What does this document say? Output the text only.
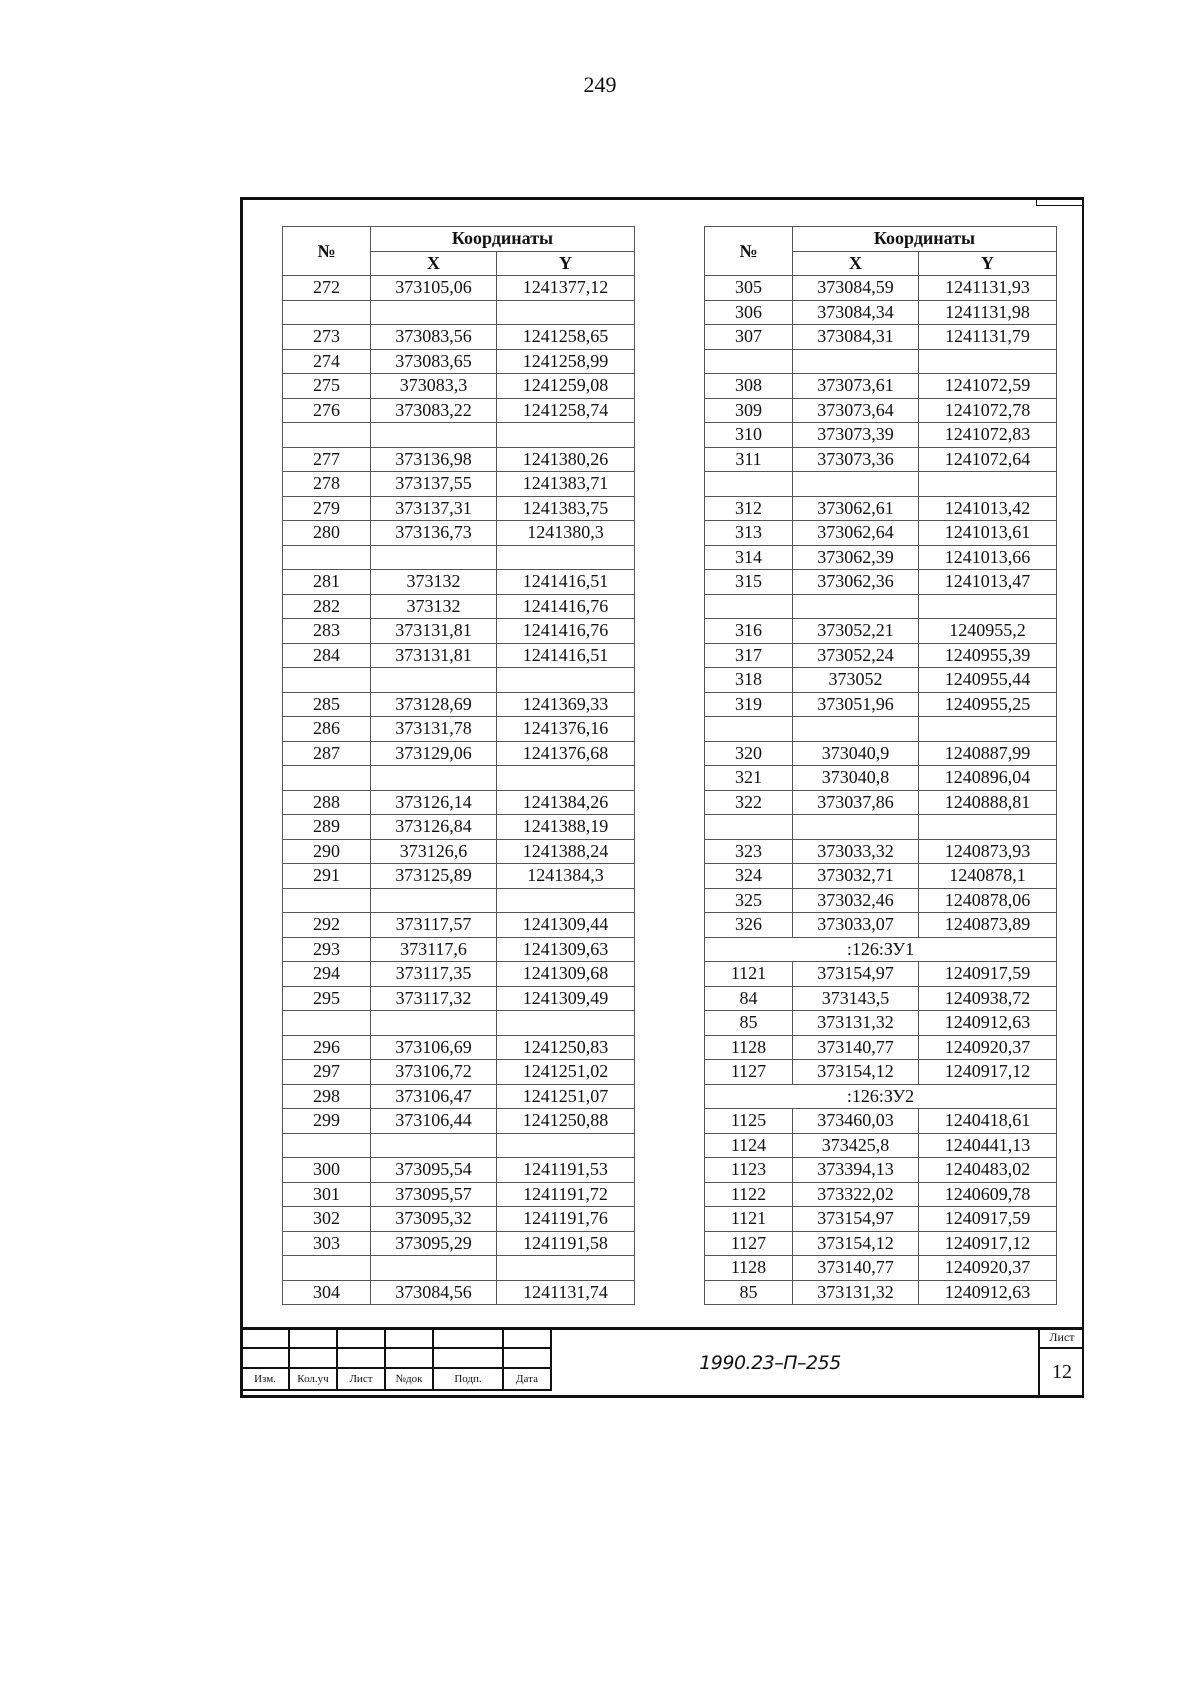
249
№	Координаты	
	X	Y
272	373105,06	1241377,12

273	373083,56	1241258,65
274	373083,65	1241258,99
275	373083,3	1241259,08
276	373083,22	1241258,74

277	373136,98	1241380,26
278	373137,55	1241383,71
279	373137,31	1241383,75
280	373136,73	1241380,3

281	373132	1241416,51
282	373132	1241416,76
283	373131,81	1241416,76
284	373131,81	1241416,51

285	373128,69	1241369,33
286	373131,78	1241376,16
287	373129,06	1241376,68

288	373126,14	1241384,26
289	373126,84	1241388,19
290	373126,6	1241388,24
291	373125,89	1241384,3

292	373117,57	1241309,44
293	373117,6	1241309,63
294	373117,35	1241309,68
295	373117,32	1241309,49

296	373106,69	1241250,83
297	373106,72	1241251,02
298	373106,47	1241251,07
299	373106,44	1241250,88

300	373095,54	1241191,53
301	373095,57	1241191,72
302	373095,32	1241191,76
303	373095,29	1241191,58

304	373084,56	1241131,74
№	Координаты	
	X	Y
305	373084,59	1241131,93
306	373084,34	1241131,98
307	373084,31	1241131,79

308	373073,61	1241072,59
309	373073,64	1241072,78
310	373073,39	1241072,83
311	373073,36	1241072,64

312	373062,61	1241013,42
313	373062,64	1241013,61
314	373062,39	1241013,66
315	373062,36	1241013,47

316	373052,21	1240955,2
317	373052,24	1240955,39
318	373052	1240955,44
319	373051,96	1240955,25

320	373040,9	1240887,99
321	373040,8	1240896,04
322	373037,86	1240888,81

323	373033,32	1240873,93
324	373032,71	1240878,1
325	373032,46	1240878,06
326	373033,07	1240873,89
:126:ЗУ1		
1121	373154,97	1240917,59
84	373143,5	1240938,72
85	373131,32	1240912,63
1128	373140,77	1240920,37
1127	373154,12	1240917,12
:126:ЗУ2		
1125	373460,03	1240418,61
1124	373425,8	1240441,13
1123	373394,13	1240483,02
1122	373322,02	1240609,78
1121	373154,97	1240917,59
1127	373154,12	1240917,12
1128	373140,77	1240920,37
85	373131,32	1240912,63

Изм.	Кол.уч	Лист	№док	Подп.	Дата
1990.23–П–255
Лист
12
